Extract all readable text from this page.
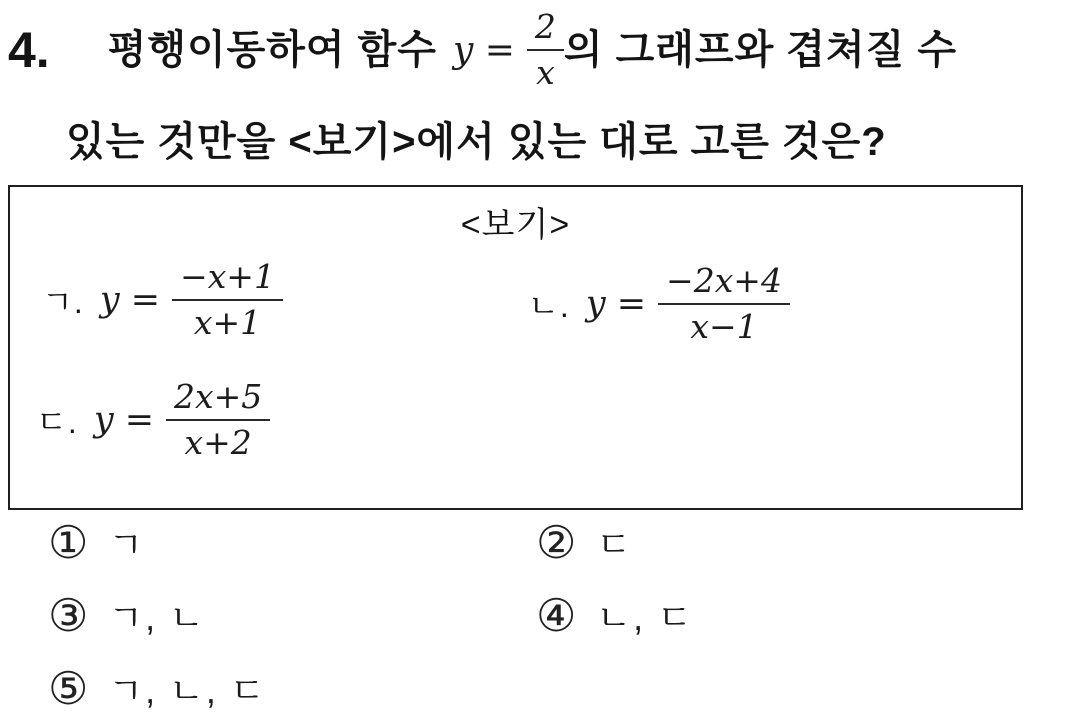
4. 평행이동하여 함수 $y = \frac{2}{x}$ 의 그래프와 겹쳐질 수
있는 것만을 <보기>에서 있는 대로 고른 것은?
<보기>
ㄱ. $y = \frac{-x+1}{x+1}$	ㄴ. $y = \frac{-2x+4}{x-1}$
ㄷ. $y = \frac{2x+5}{x+2}$
① ㄱ	② ㄷ
③ ㄱ, ㄴ	④ ㄴ, ㄷ
⑤ ㄱ, ㄴ, ㄷ
